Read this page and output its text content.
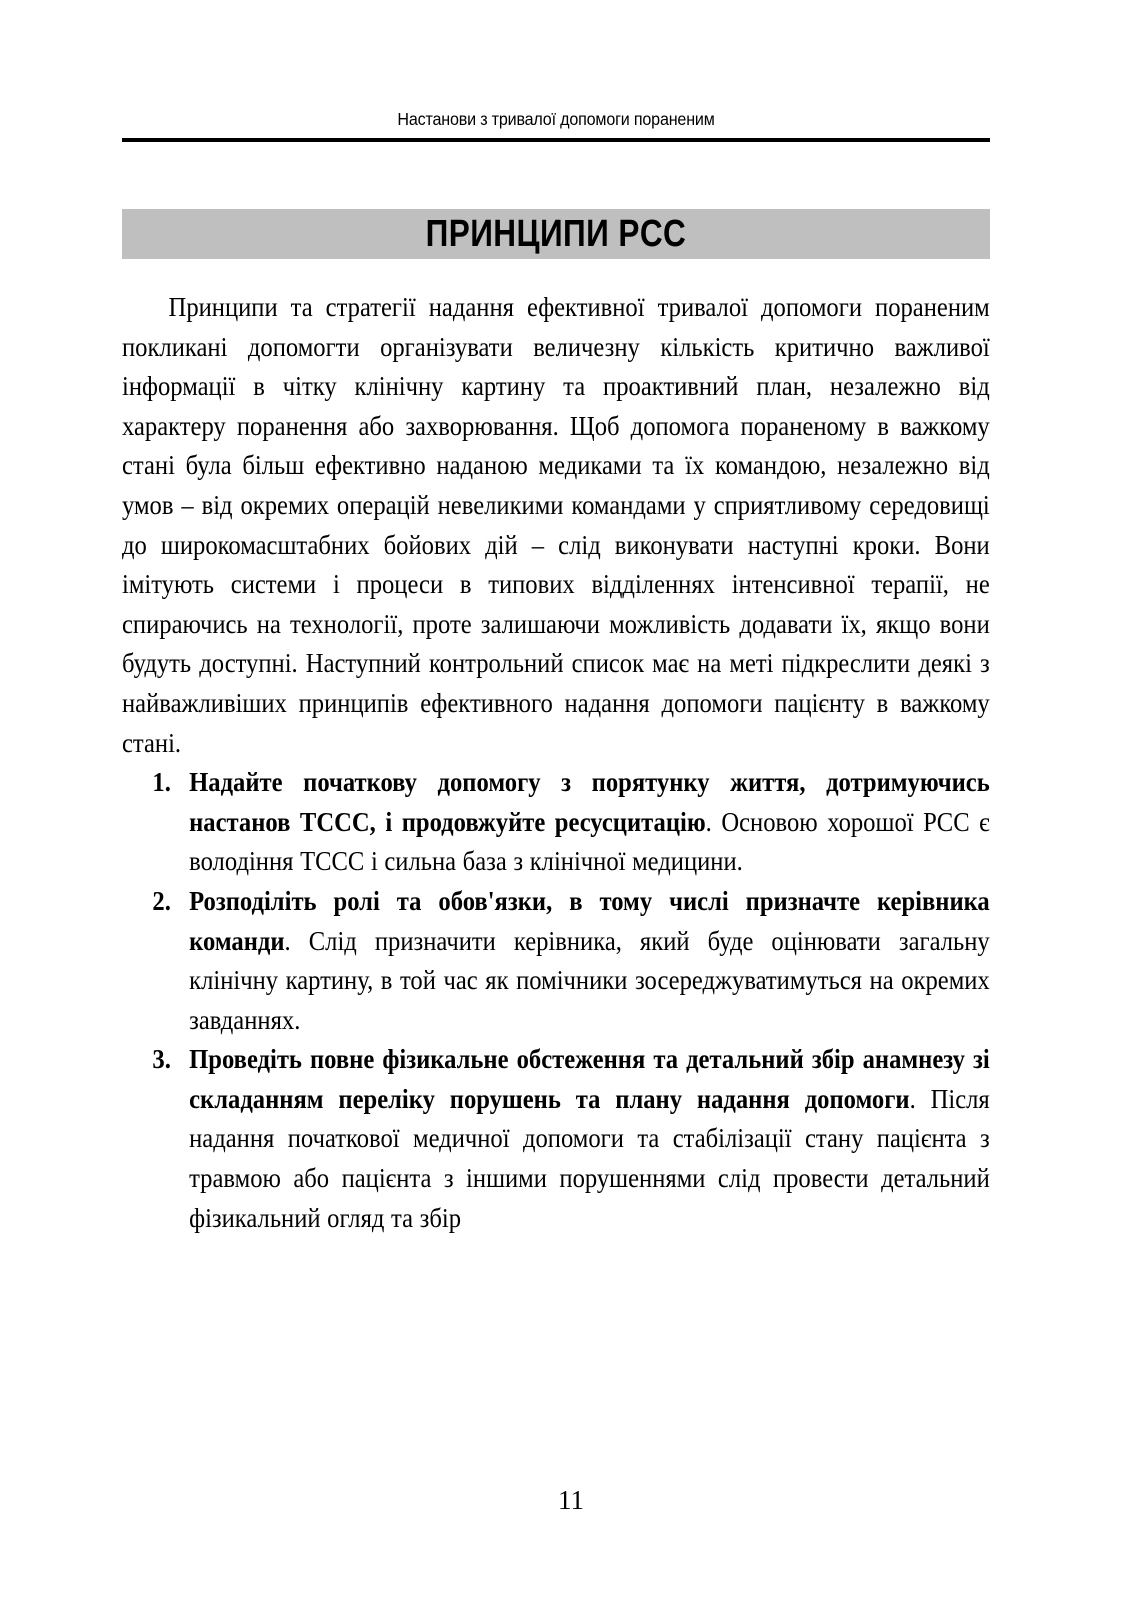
Настанови з тривалої допомоги пораненим
ПРИНЦИПИ PCC

Принципи та стратегії надання ефективної тривалої допомоги пораненим покликані допомогти організувати величезну кількість критично важливої інформації в чітку клінічну картину та проактивний план, незалежно від характеру поранення або захворювання. Щоб допомога пораненому в важкому стані була більш ефективно наданою медиками та їх командою, незалежно від умов – від окремих операцій невеликими командами у сприятливому середовищі до широкомасштабних бойових дій – слід виконувати наступні кроки. Вони імітують системи і процеси в типових відділеннях інтенсивної терапії, не спираючись на технології, проте залишаючи можливість додавати їх, якщо вони будуть доступні. Наступний контрольний список має на меті підкреслити деякі з найважливіших принципів ефективного надання допомоги пацієнту в важкому стані.

Надайте початкову допомогу з порятунку життя, дотримуючись настанов TCCC, і продовжуйте ресусцитацію. Основою хорошої PCC є володіння TCCC і сильна база з клінічної медицини.
Розподіліть ролі та обов'язки, в тому числі призначте керівника команди. Слід призначити керівника, який буде оцінювати загальну клінічну картину, в той час як помічники зосереджуватимуться на окремих завданнях.
Проведіть повне фізикальне обстеження та детальний збір анамнезу зі складанням переліку порушень та плану надання допомоги. Після надання початкової медичної допомоги та стабілізації стану пацієнта з травмою або пацієнта з іншими порушеннями слід провести детальний фізикальний огляд та збір
11
